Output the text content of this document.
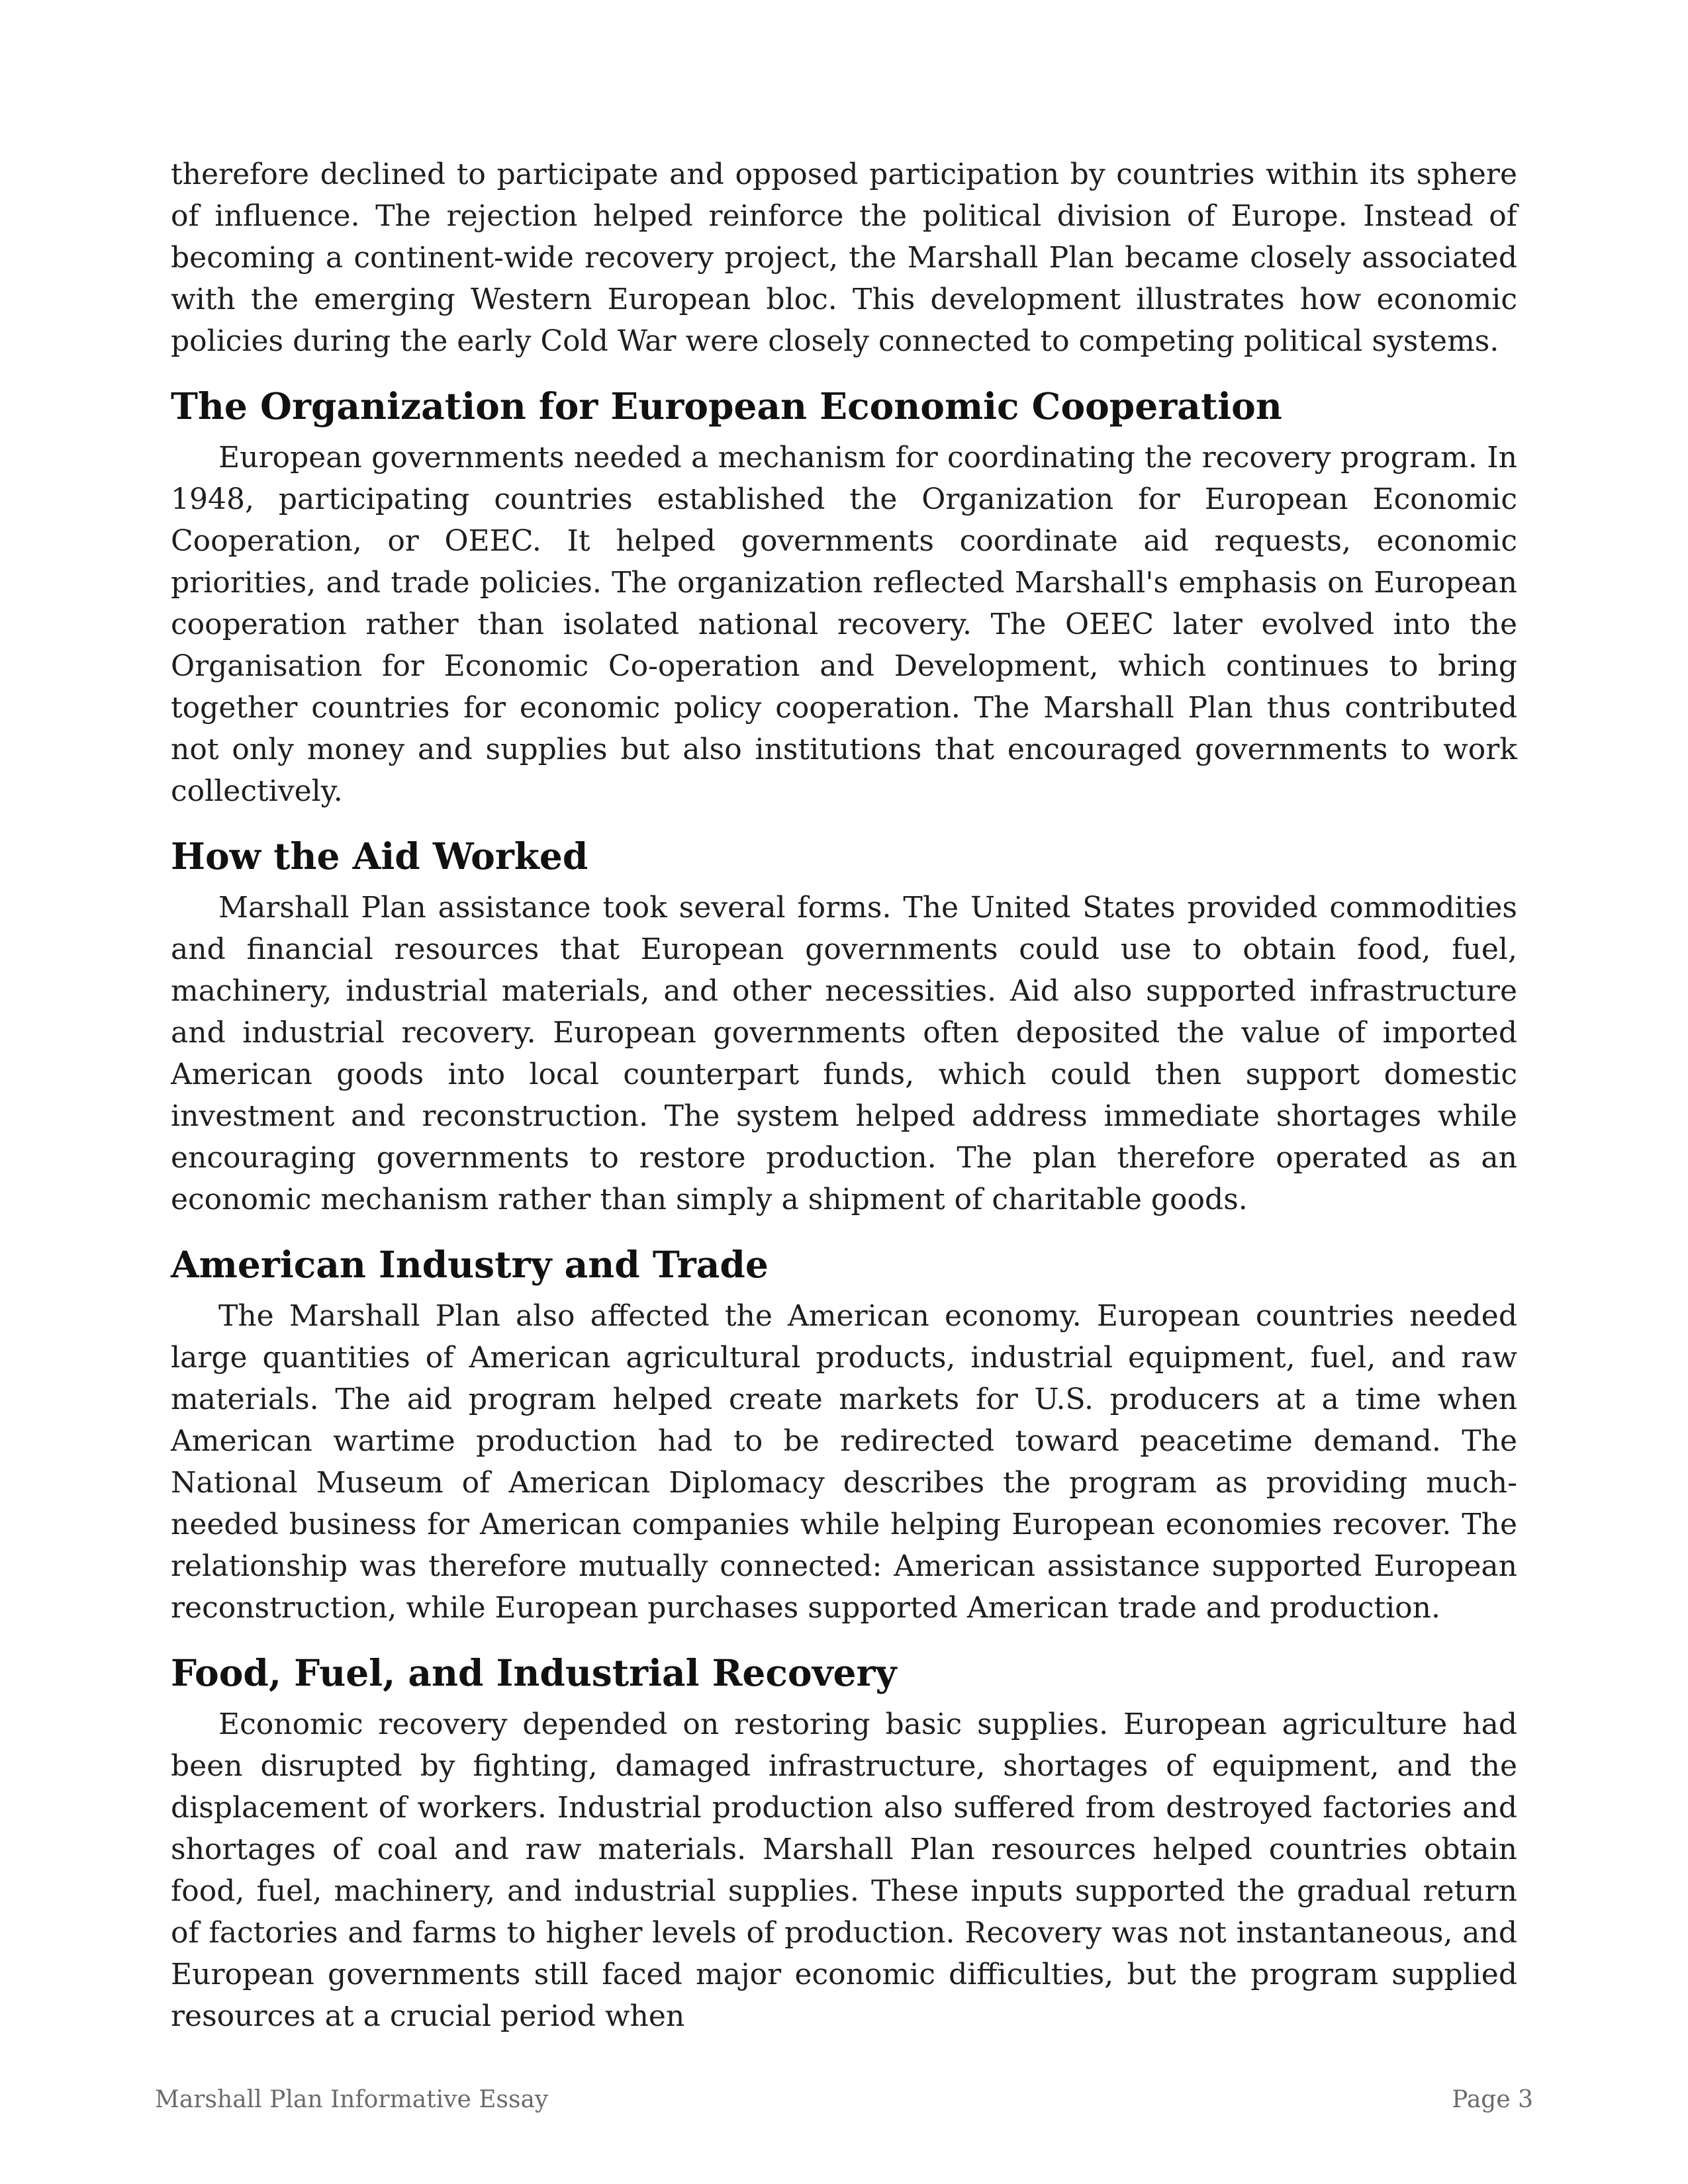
therefore declined to participate and opposed participation by countries within its sphere of influence. The rejection helped reinforce the political division of Europe. Instead of becoming a continent-wide recovery project, the Marshall Plan became closely associated with the emerging Western European bloc. This development illustrates how economic policies during the early Cold War were closely connected to competing political systems.

The Organization for European Economic Cooperation

European governments needed a mechanism for coordinating the recovery program. In 1948, participating countries established the Organization for European Economic Cooperation, or OEEC. It helped governments coordinate aid requests, economic priorities, and trade policies. The organization reflected Marshall's emphasis on European cooperation rather than isolated national recovery. The OEEC later evolved into the Organisation for Economic Co-operation and Development, which continues to bring together countries for economic policy cooperation. The Marshall Plan thus contributed not only money and supplies but also institutions that encouraged governments to work collectively.

How the Aid Worked

Marshall Plan assistance took several forms. The United States provided commodities and financial resources that European governments could use to obtain food, fuel, machinery, industrial materials, and other necessities. Aid also supported infrastructure and industrial recovery. European governments often deposited the value of imported American goods into local counterpart funds, which could then support domestic investment and reconstruction. The system helped address immediate shortages while encouraging governments to restore production. The plan therefore operated as an economic mechanism rather than simply a shipment of charitable goods.

American Industry and Trade

The Marshall Plan also affected the American economy. European countries needed large quantities of American agricultural products, industrial equipment, fuel, and raw materials. The aid program helped create markets for U.S. producers at a time when American wartime production had to be redirected toward peacetime demand. The National Museum of American Diplomacy describes the program as providing much-needed business for American companies while helping European economies recover. The relationship was therefore mutually connected: American assistance supported European reconstruction, while European purchases supported American trade and production.

Food, Fuel, and Industrial Recovery

Economic recovery depended on restoring basic supplies. European agriculture had been disrupted by fighting, damaged infrastructure, shortages of equipment, and the displacement of workers. Industrial production also suffered from destroyed factories and shortages of coal and raw materials. Marshall Plan resources helped countries obtain food, fuel, machinery, and industrial supplies. These inputs supported the gradual return of factories and farms to higher levels of production. Recovery was not instantaneous, and European governments still faced major economic difficulties, but the program supplied resources at a crucial period when

Marshall Plan Informative Essay	Page 3
